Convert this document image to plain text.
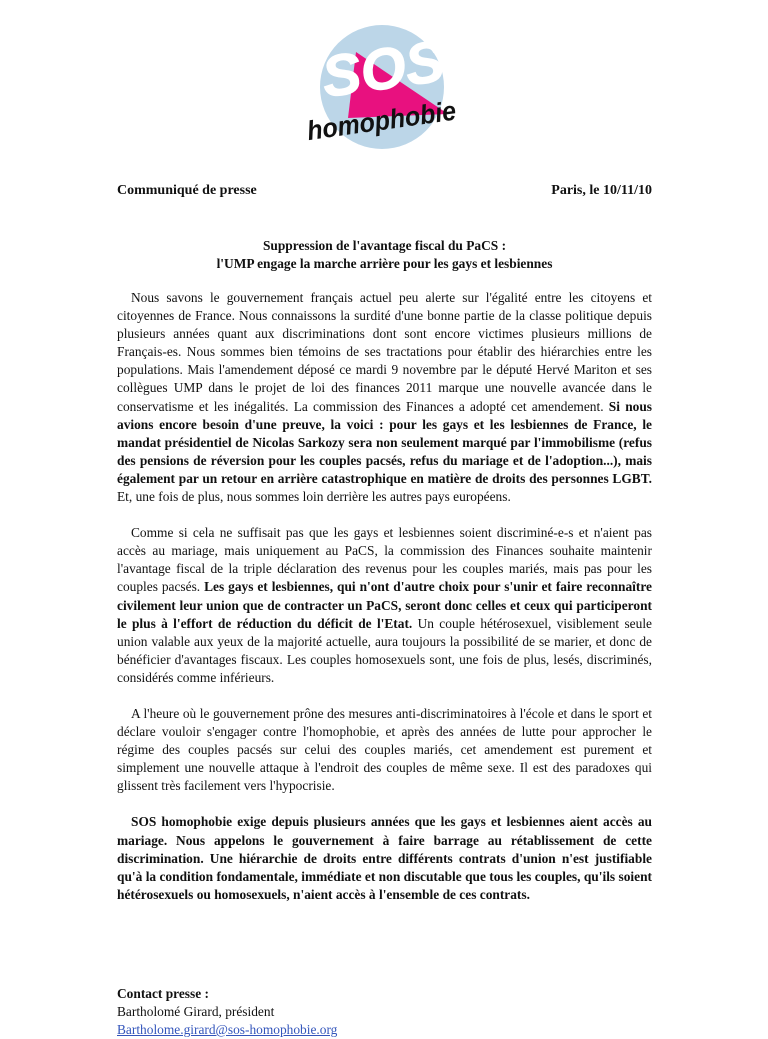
SOS
homophobie
Communiqué de presse	Paris, le 10/11/10
Suppression de l'avantage fiscal du PaCS :
l'UMP engage la marche arrière pour les gays et lesbiennes

Nous savons le gouvernement français actuel peu alerte sur l'égalité entre les citoyens et citoyennes de France. Nous connaissons la surdité d'une bonne partie de la classe politique depuis plusieurs années quant aux discriminations dont sont encore victimes plusieurs millions de Français-es. Nous sommes bien témoins de ses tractations pour établir des hiérarchies entre les populations. Mais l'amendement déposé ce mardi 9 novembre par le député Hervé Mariton et ses collègues UMP dans le projet de loi des finances 2011 marque une nouvelle avancée dans le conservatisme et les inégalités. La commission des Finances a adopté cet amendement. Si nous avions encore besoin d'une preuve, la voici : pour les gays et les lesbiennes de France, le mandat présidentiel de Nicolas Sarkozy sera non seulement marqué par l'immobilisme (refus des pensions de réversion pour les couples pacsés, refus du mariage et de l'adoption...), mais également par un retour en arrière catastrophique en matière de droits des personnes LGBT. Et, une fois de plus, nous sommes loin derrière les autres pays européens.

Comme si cela ne suffisait pas que les gays et lesbiennes soient discriminé-e-s et n'aient pas accès au mariage, mais uniquement au PaCS, la commission des Finances souhaite maintenir l'avantage fiscal de la triple déclaration des revenus pour les couples mariés, mais pas pour les couples pacsés. Les gays et lesbiennes, qui n'ont d'autre choix pour s'unir et faire reconnaître civilement leur union que de contracter un PaCS, seront donc celles et ceux qui participeront le plus à l'effort de réduction du déficit de l'Etat. Un couple hétérosexuel, visiblement seule union valable aux yeux de la majorité actuelle, aura toujours la possibilité de se marier, et donc de bénéficier d'avantages fiscaux. Les couples homosexuels sont, une fois de plus, lesés, discriminés, considérés comme inférieurs.

A l'heure où le gouvernement prône des mesures anti-discriminatoires à l'école et dans le sport et déclare vouloir s'engager contre l'homophobie, et après des années de lutte pour approcher le régime des couples pacsés sur celui des couples mariés, cet amendement est purement et simplement une nouvelle attaque à l'endroit des couples de même sexe. Il est des paradoxes qui glissent très facilement vers l'hypocrisie.

SOS homophobie exige depuis plusieurs années que les gays et lesbiennes aient accès au mariage. Nous appelons le gouvernement à faire barrage au rétablissement de cette discrimination. Une hiérarchie de droits entre différents contrats d'union n'est justifiable qu'à la condition fondamentale, immédiate et non discutable que tous les couples, qu'ils soient hétérosexuels ou homosexuels, n'aient accès à l'ensemble de ces contrats.

Contact presse :
Bartholomé Girard, président
Bartholome.girard@sos-homophobie.org
